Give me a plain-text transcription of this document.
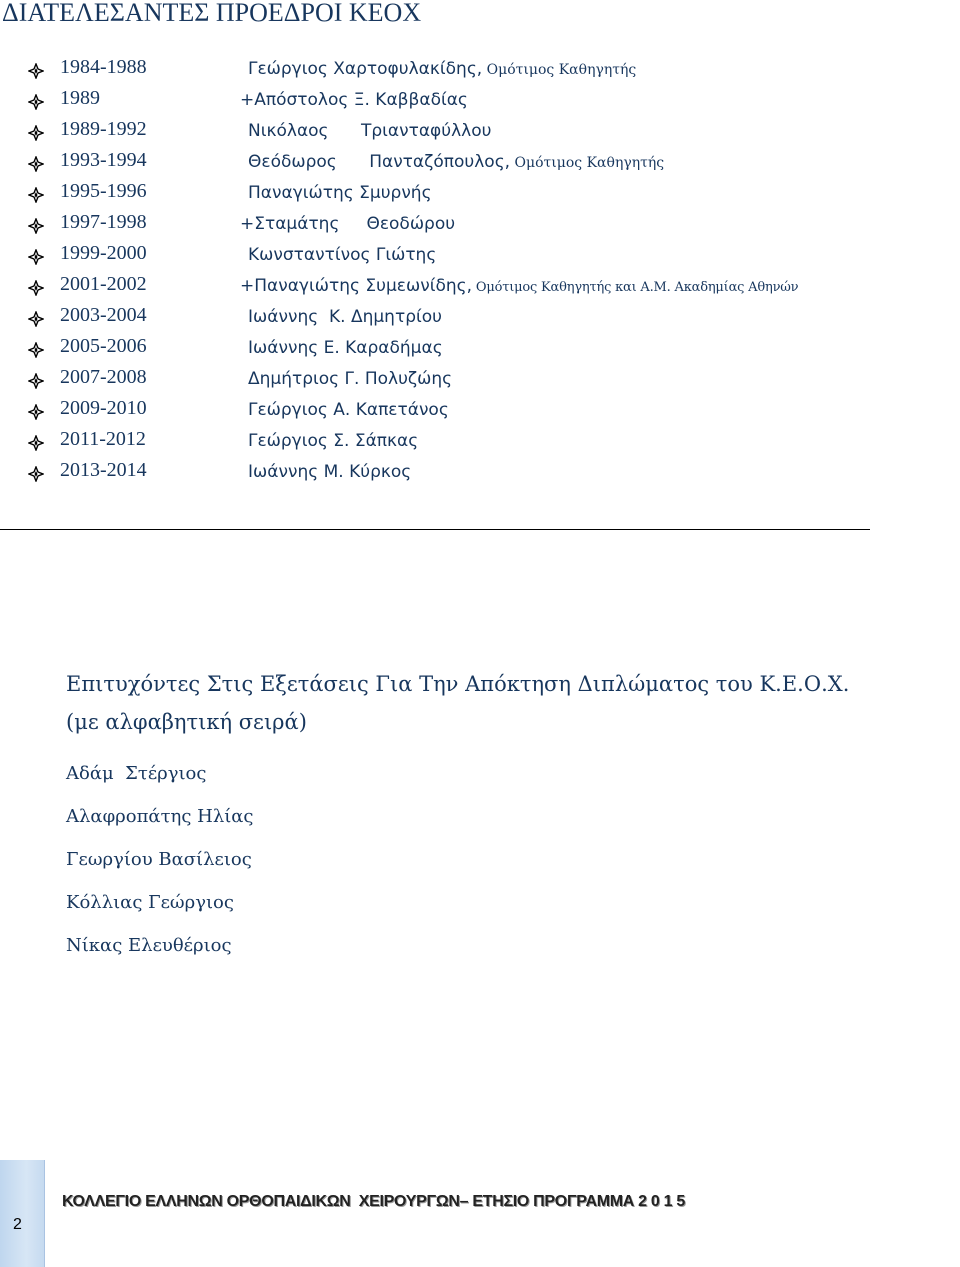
ΔΙΑΤΕΛΕΣΑΝΤΕΣ ΠΡΟΕΔΡΟΙ ΚΕΟΧ
1984-1988	Γεώργιος Χαρτοφυλακίδης, Ομότιμος Καθηγητής
1989	+Απόστολος Ξ. Καββαδίας
1989-1992	Νικόλαος      Τριανταφύλλου
1993-1994	Θεόδωρος      Πανταζόπουλος, Ομότιμος Καθηγητής
1995-1996	Παναγιώτης Σμυρνής
1997-1998	+Σταμάτης     Θεοδώρου
1999-2000	Κωνσταντίνος Γιώτης
2001-2002	+Παναγιώτης Συμεωνίδης, Ομότιμος Καθηγητής και Α.Μ. Ακαδημίας Αθηνών
2003-2004	Ιωάννης  Κ. Δημητρίου
2005-2006	Ιωάννης Ε. Καραδήμας
2007-2008	Δημήτριος Γ. Πολυζώης
2009-2010	Γεώργιος Α. Καπετάνος
2011-2012	Γεώργιος Σ. Σάπκας
2013-2014	Ιωάννης Μ. Κύρκος
Επιτυχόντες Στις Εξετάσεις Για Την Απόκτηση Διπλώματος του Κ.Ε.Ο.Χ.
(με αλφαβητική σειρά)
Αδάμ  Στέργιος
Αλαφροπάτης Ηλίας
Γεωργίου Βασίλειος
Κόλλιας Γεώργιος
Νίκας Ελευθέριος
2
ΚΟΛΛΕΓΙΟ ΕΛΛΗΝΩΝ ΟΡΘΟΠΑΙΔΙΚΩΝ  ΧΕΙΡΟΥΡΓΩΝ– ΕΤΗΣΙΟ ΠΡΟΓΡΑΜΜΑ 2 0 1 5
